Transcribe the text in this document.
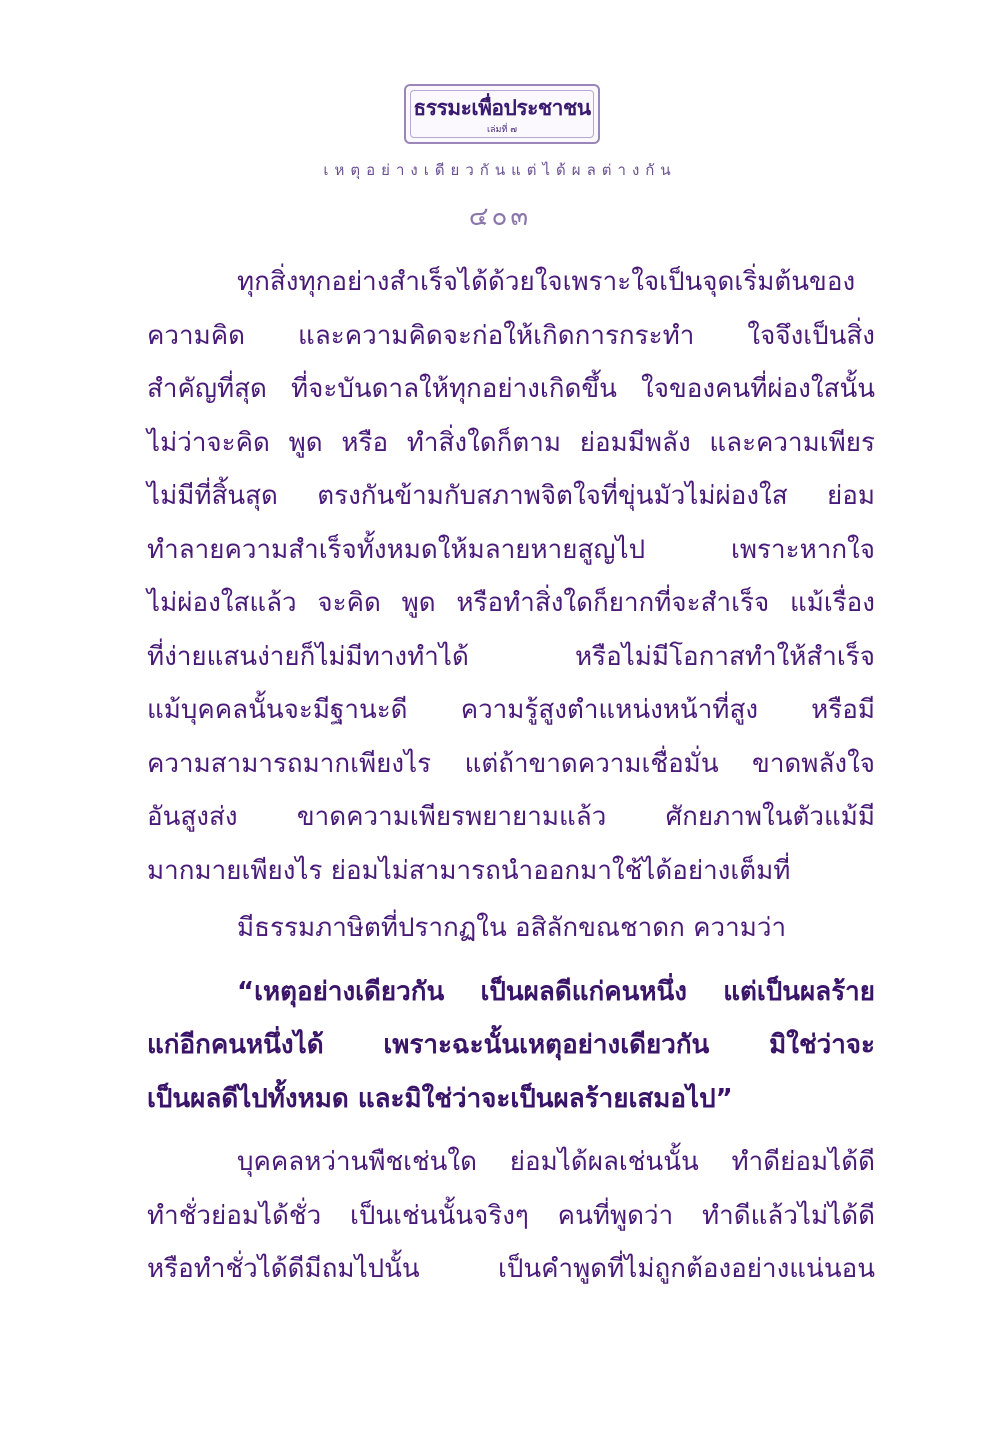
ธรรมะเพื่อประชาชน
เล่มที่ ๗
เหตุอย่างเดียวกันแต่ได้ผลต่างกัน
๔๐๓
ทุกสิ่งทุกอย่างสำเร็จได้ด้วยใจเพราะใจเป็นจุดเริ่มต้นของ
ความคิด และความคิดจะก่อให้เกิดการกระทำ ใจจึงเป็นสิ่ง
สำคัญที่สุด ที่จะบันดาลให้ทุกอย่างเกิดขึ้น ใจของคนที่ผ่องใสนั้น
ไม่ว่าจะคิด พูด หรือ ทำสิ่งใดก็ตาม ย่อมมีพลัง และความเพียร
ไม่มีที่สิ้นสุด ตรงกันข้ามกับสภาพจิตใจที่ขุ่นมัวไม่ผ่องใส ย่อม
ทำลายความสำเร็จทั้งหมดให้มลายหายสูญไป เพราะหากใจ
ไม่ผ่องใสแล้ว จะคิด พูด หรือทำสิ่งใดก็ยากที่จะสำเร็จ แม้เรื่อง
ที่ง่ายแสนง่ายก็ไม่มีทางทำได้ หรือไม่มีโอกาสทำให้สำเร็จ
แม้บุคคลนั้นจะมีฐานะดี ความรู้สูงตำแหน่งหน้าที่สูง หรือมี
ความสามารถมากเพียงไร แต่ถ้าขาดความเชื่อมั่น ขาดพลังใจ
อันสูงส่ง ขาดความเพียรพยายามแล้ว ศักยภาพในตัวแม้มี
มากมายเพียงไร ย่อมไม่สามารถนำออกมาใช้ได้อย่างเต็มที่
มีธรรมภาษิตที่ปรากฏใน อสิลักขณชาดก ความว่า
“เหตุอย่างเดียวกัน เป็นผลดีแก่คนหนึ่ง แต่เป็นผลร้าย
แก่อีกคนหนึ่งได้ เพราะฉะนั้นเหตุอย่างเดียวกัน มิใช่ว่าจะ
เป็นผลดีไปทั้งหมด และมิใช่ว่าจะเป็นผลร้ายเสมอไป”
บุคคลหว่านพืชเช่นใด ย่อมได้ผลเช่นนั้น ทำดีย่อมได้ดี
ทำชั่วย่อมได้ชั่ว เป็นเช่นนั้นจริงๆ คนที่พูดว่า ทำดีแล้วไม่ได้ดี
หรือทำชั่วได้ดีมีถมไปนั้น เป็นคำพูดที่ไม่ถูกต้องอย่างแน่นอน
